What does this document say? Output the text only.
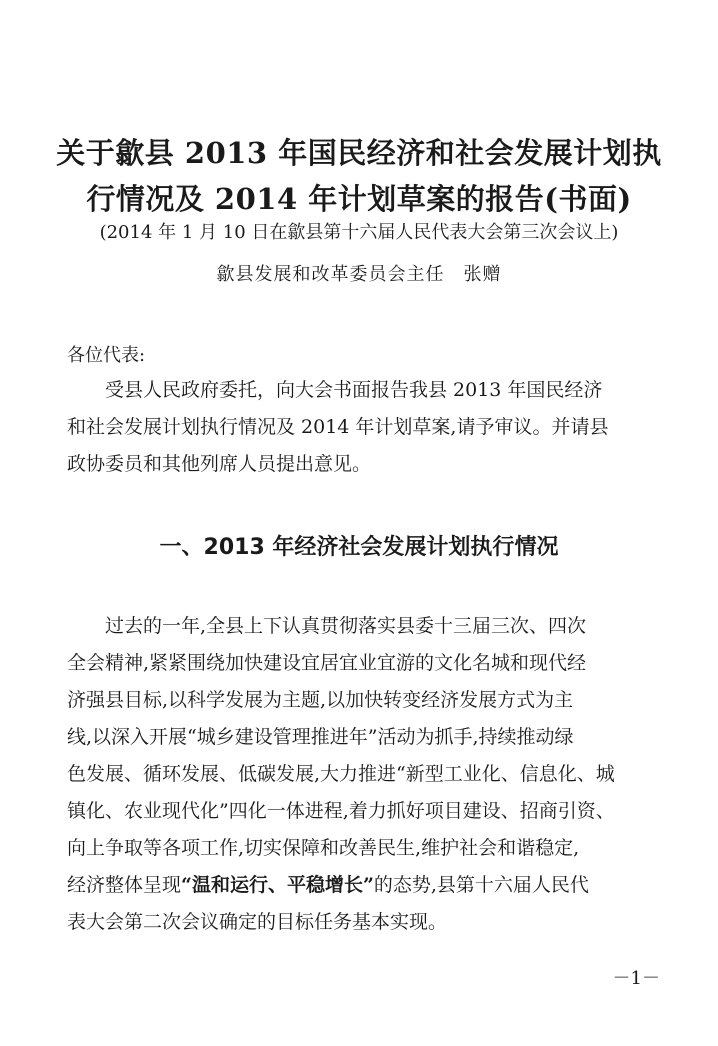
关于歙县 2013 年国民经济和社会发展计划执
行情况及 2014 年计划草案的报告(书面)
(2014 年 1 月 10 日在歙县第十六届人民代表大会第三次会议上)
歙县发展和改革委员会主任　张赠
各位代表:
受县人民政府委托，向大会书面报告我县 2013 年国民经济
和社会发展计划执行情况及 2014 年计划草案,请予审议。并请县
政协委员和其他列席人员提出意见。
一、2013 年经济社会发展计划执行情况
过去的一年,全县上下认真贯彻落实县委十三届三次、四次
全会精神,紧紧围绕加快建设宜居宜业宜游的文化名城和现代经
济强县目标,以科学发展为主题,以加快转变经济发展方式为主
线,以深入开展“城乡建设管理推进年”活动为抓手,持续推动绿
色发展、循环发展、低碳发展,大力推进“新型工业化、信息化、城
镇化、农业现代化”四化一体进程,着力抓好项目建设、招商引资、
向上争取等各项工作,切实保障和改善民生,维护社会和谐稳定,
经济整体呈现“温和运行、平稳增长”的态势,县第十六届人民代
表大会第二次会议确定的目标任务基本实现。
－1－
